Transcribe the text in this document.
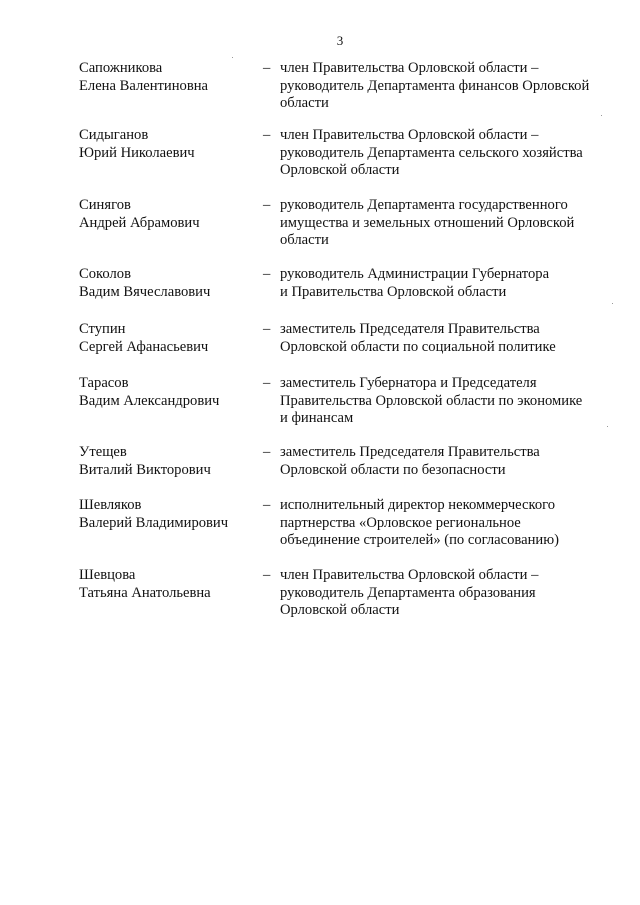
3
Сапожникова
Елена Валентиновна
– член Правительства Орловской области –
руководитель Департамента финансов Орловской
области
Сидыганов
Юрий Николаевич
– член Правительства Орловской области –
руководитель Департамента сельского хозяйства
Орловской области
Синягов
Андрей Абрамович
– руководитель Департамента государственного
имущества и земельных отношений Орловской
области
Соколов
Вадим Вячеславович
– руководитель Администрации Губернатора
и Правительства Орловской области
Ступин
Сергей Афанасьевич
– заместитель Председателя Правительства
Орловской области по социальной политике
Тарасов
Вадим Александрович
– заместитель Губернатора и Председателя
Правительства Орловской области по экономике
и финансам
Утещев
Виталий Викторович
– заместитель Председателя Правительства
Орловской области по безопасности
Шевляков
Валерий Владимирович
– исполнительный директор некоммерческого
партнерства «Орловское региональное
объединение строителей» (по согласованию)
Шевцова
Татьяна Анатольевна
– член Правительства Орловской области –
руководитель Департамента образования
Орловской области
